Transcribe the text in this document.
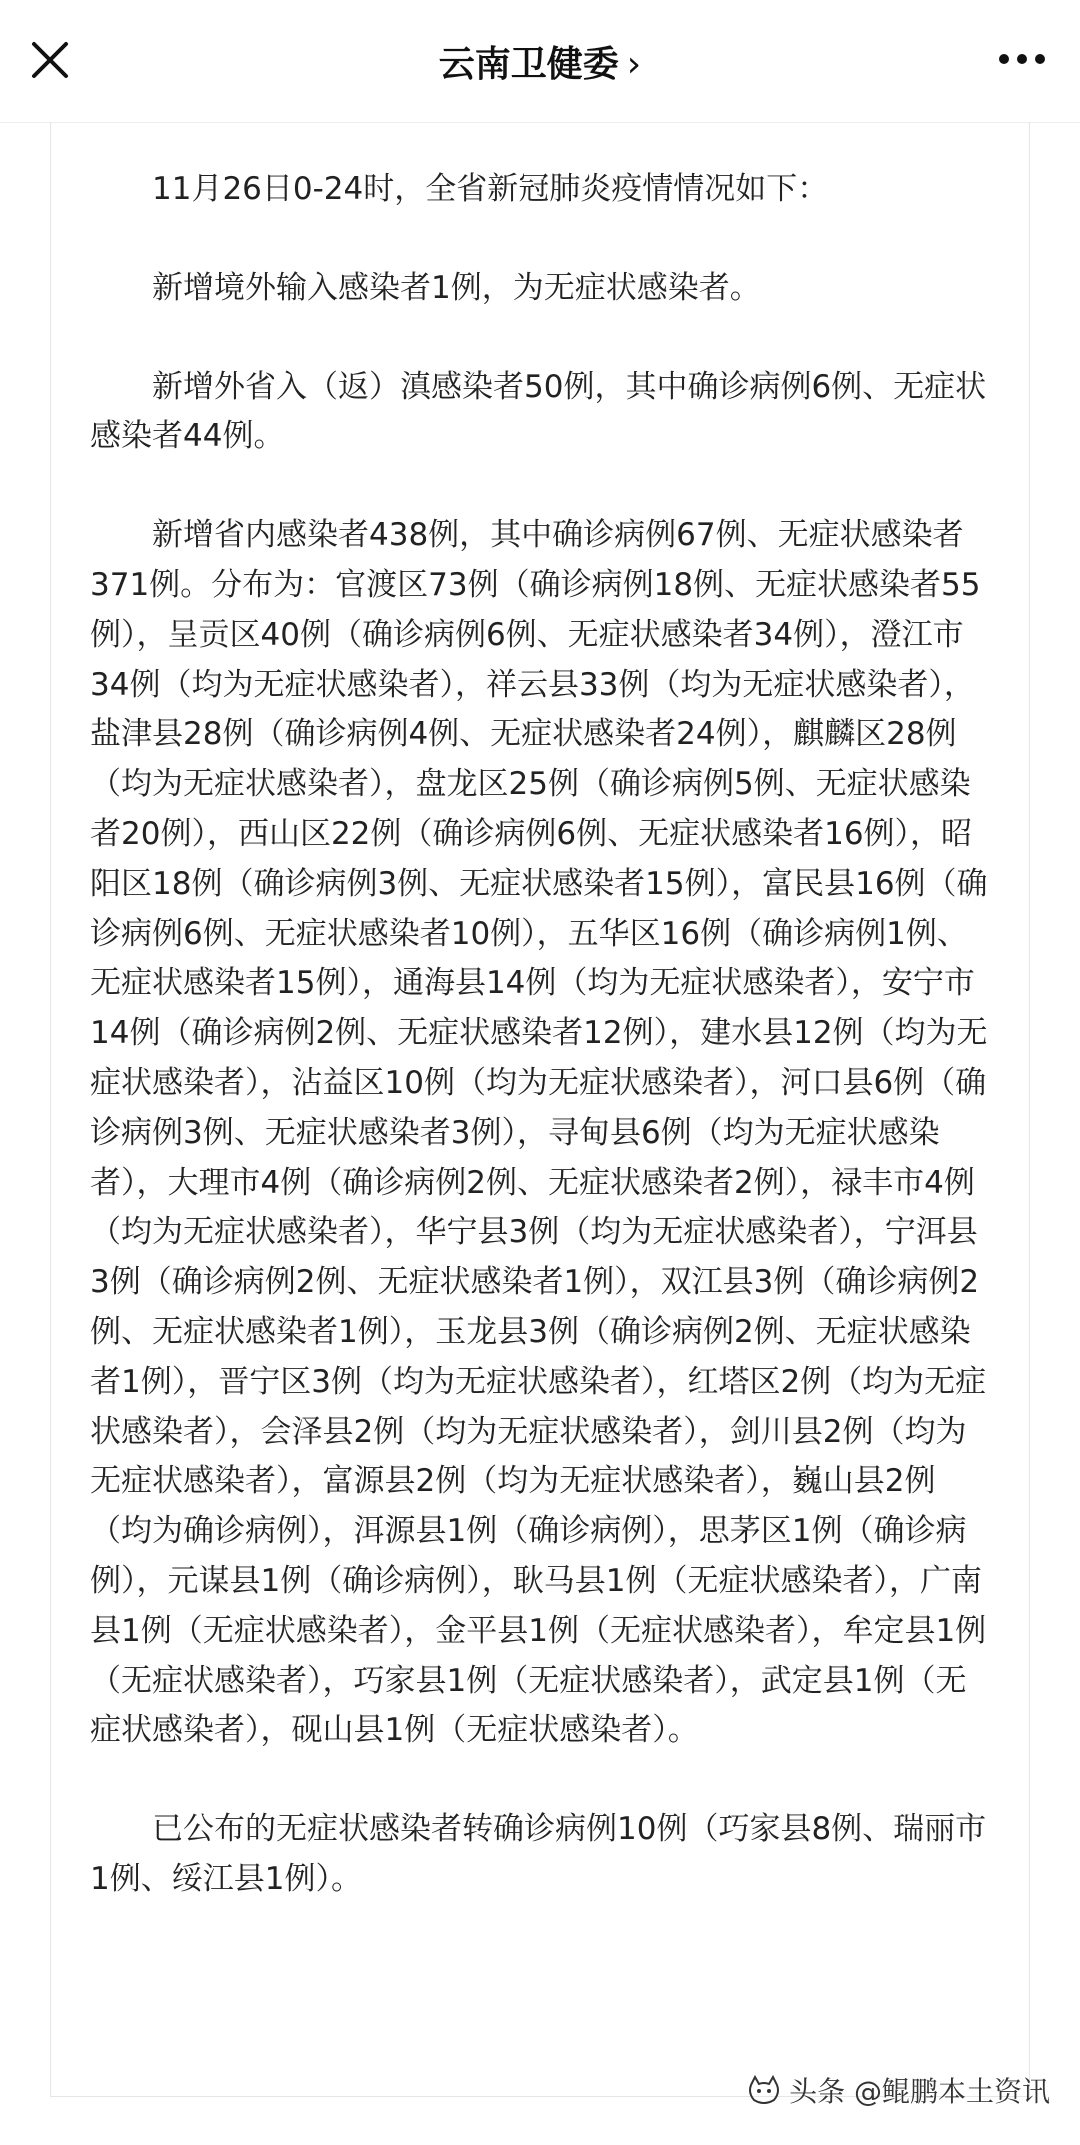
云南卫健委 ›

11月26日0-24时，全省新冠肺炎疫情情况如下：

新增境外输入感染者1例，为无症状感染者。

新增外省入（返）滇感染者50例，其中确诊病例6例、无症状感染者44例。

新增省内感染者438例，其中确诊病例67例、无症状感染者371例。分布为：官渡区73例（确诊病例18例、无症状感染者55例），呈贡区40例（确诊病例6例、无症状感染者34例），澄江市34例（均为无症状感染者），祥云县33例（均为无症状感染者），盐津县28例（确诊病例4例、无症状感染者24例），麒麟区28例（均为无症状感染者），盘龙区25例（确诊病例5例、无症状感染者20例），西山区22例（确诊病例6例、无症状感染者16例），昭阳区18例（确诊病例3例、无症状感染者15例），富民县16例（确诊病例6例、无症状感染者10例），五华区16例（确诊病例1例、无症状感染者15例），通海县14例（均为无症状感染者），安宁市14例（确诊病例2例、无症状感染者12例），建水县12例（均为无症状感染者），沾益区10例（均为无症状感染者），河口县6例（确诊病例3例、无症状感染者3例），寻甸县6例（均为无症状感染者），大理市4例（确诊病例2例、无症状感染者2例），禄丰市4例（均为无症状感染者），华宁县3例（均为无症状感染者），宁洱县3例（确诊病例2例、无症状感染者1例），双江县3例（确诊病例2例、无症状感染者1例），玉龙县3例（确诊病例2例、无症状感染者1例），晋宁区3例（均为无症状感染者），红塔区2例（均为无症状感染者），会泽县2例（均为无症状感染者），剑川县2例（均为无症状感染者），富源县2例（均为无症状感染者），巍山县2例（均为确诊病例），洱源县1例（确诊病例），思茅区1例（确诊病例），元谋县1例（确诊病例），耿马县1例（无症状感染者），广南县1例（无症状感染者），金平县1例（无症状感染者），牟定县1例（无症状感染者），巧家县1例（无症状感染者），武定县1例（无症状感染者），砚山县1例（无症状感染者）。

已公布的无症状感染者转确诊病例10例（巧家县8例、瑞丽市1例、绥江县1例）。

头条 @鲲鹏本土资讯
